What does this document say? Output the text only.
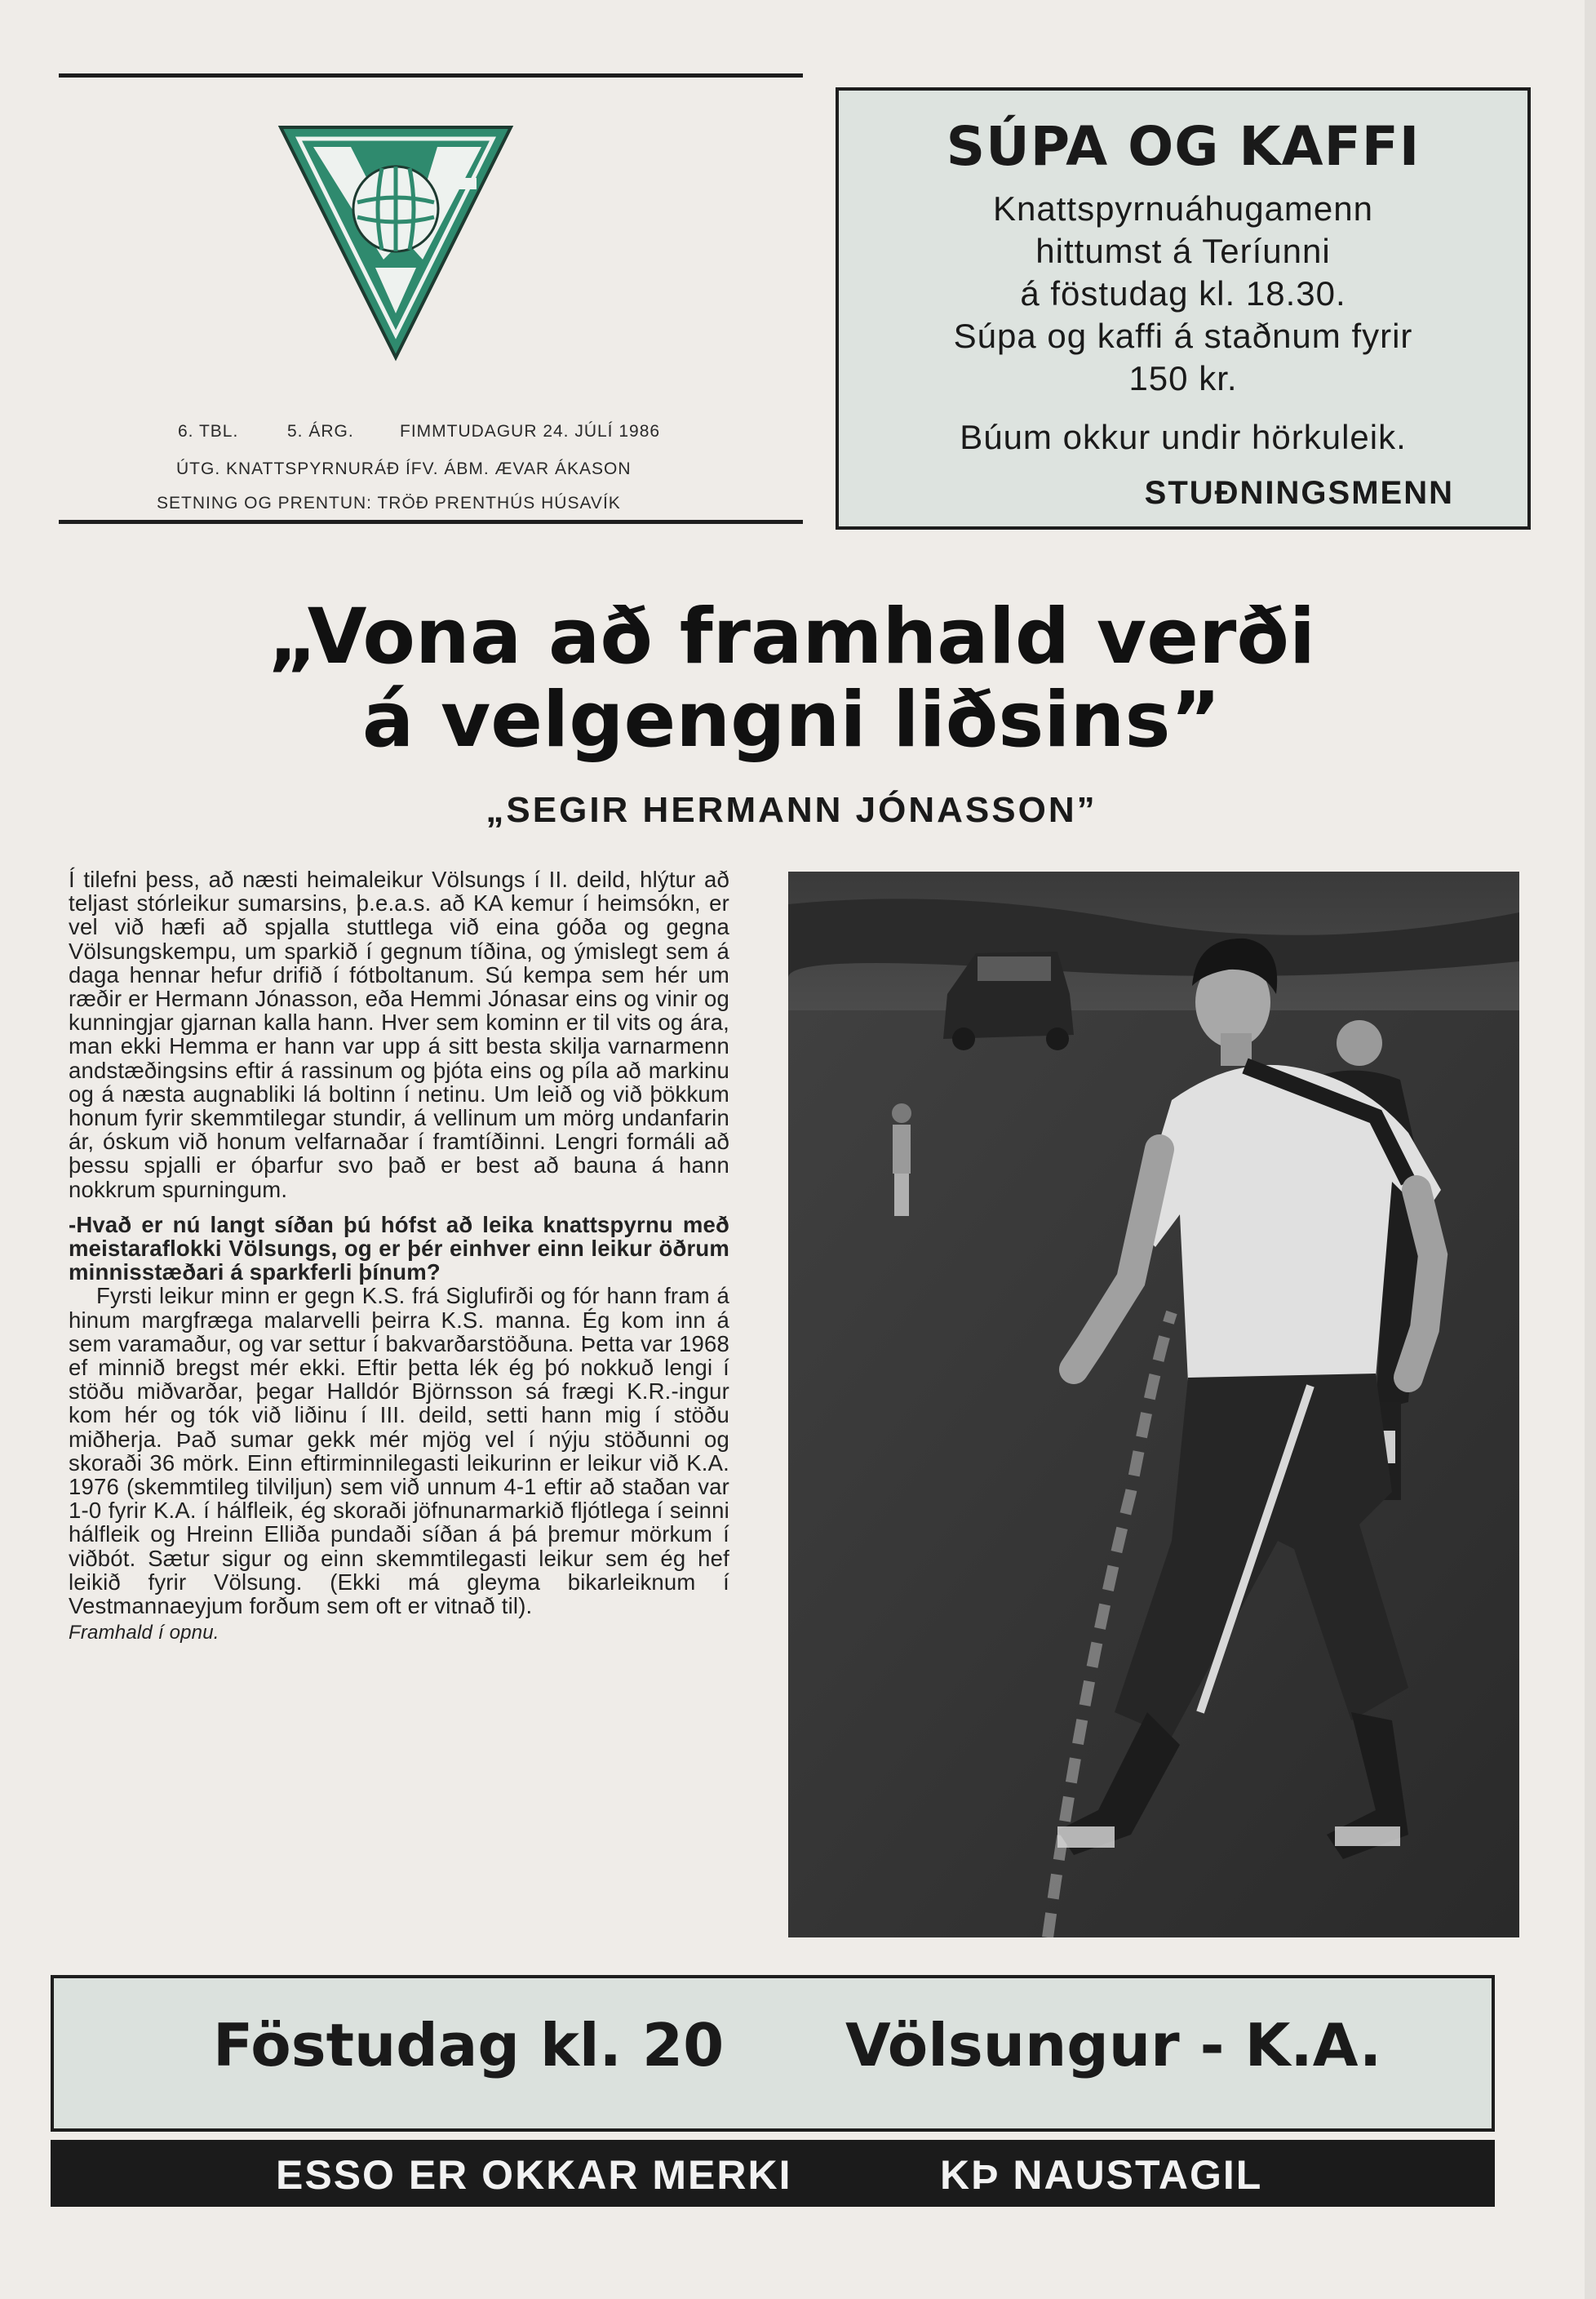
6. TBL.	5. ÁRG.	FIMMTUDAGUR 24. JÚLÍ 1986
ÚTG. KNATTSPYRNURÁÐ ÍFV. ÁBM. ÆVAR ÁKASON
SETNING OG PRENTUN: TRÖÐ PRENTHÚS HÚSAVÍK
SÚPA OG KAFFI
Knattspyrnuáhugamenn
hittumst á Teríunni
á föstudag kl. 18.30.
Súpa og kaffi á staðnum fyrir
150 kr.
Búum okkur undir hörkuleik.
STUÐNINGSMENN
„Vona að framhald verði
á velgengni liðsins”
„SEGIR HERMANN JÓNASSON”

Í tilefni þess, að næsti heimaleikur Völsungs í II. deild, hlýtur að teljast stórleikur sumarsins, þ.e.a.s. að KA kemur í heimsókn, er vel við hæfi að spjalla stuttlega við eina góða og gegna Völsungskempu, um sparkið í gegnum tíðina, og ýmislegt sem á daga hennar hefur drifið í fótboltanum. Sú kempa sem hér um ræðir er Hermann Jónasson, eða Hemmi Jónasar eins og vinir og kunningjar gjarnan kalla hann. Hver sem kominn er til vits og ára, man ekki Hemma er hann var upp á sitt besta skilja varnarmenn andstæðingsins eftir á rassinum og þjóta eins og píla að markinu og á næsta augnabliki lá boltinn í netinu. Um leið og við þökkum honum fyrir skemmtilegar stundir, á vellinum um mörg undanfarin ár, óskum við honum velfarnaðar í framtíðinni. Lengri formáli að þessu spjalli er óþarfur svo það er best að bauna á hann nokkrum spurningum.

-Hvað er nú langt síðan þú hófst að leika knattspyrnu með meistaraflokki Völsungs, og er þér einhver einn leikur öðrum minnisstæðari á sparkferli þínum?

Fyrsti leikur minn er gegn K.S. frá Siglufirði og fór hann fram á hinum margfræga malarvelli þeirra K.S. manna. Ég kom inn á sem varamaður, og var settur í bakvarðarstöðuna. Þetta var 1968 ef minnið bregst mér ekki. Eftir þetta lék ég þó nokkuð lengi í stöðu miðvarðar, þegar Halldór Björnsson sá frægi K.R.-ingur kom hér og tók við liðinu í III. deild, setti hann mig í stöðu miðherja. Það sumar gekk mér mjög vel í nýju stöðunni og skoraði 36 mörk. Einn eftirminnilegasti leikurinn er leikur við K.A. 1976 (skemmtileg tilviljun) sem við unnum 4-1 eftir að staðan var 1-0 fyrir K.A. í hálfleik, ég skoraði jöfnunarmarkið fljótlega í seinni hálfleik og Hreinn Elliða pundaði síðan á þá þremur mörkum í viðbót. Sætur sigur og einn skemmtilegasti leikur sem ég hef leikið fyrir Völsung. (Ekki má gleyma bikarleiknum í Vestmannaeyjum forðum sem oft er vitnað til).

Framhald í opnu.

Föstudag kl. 20 Völsungur - K.A.
ESSO ER OKKAR MERKI	KÞ NAUSTAGIL
